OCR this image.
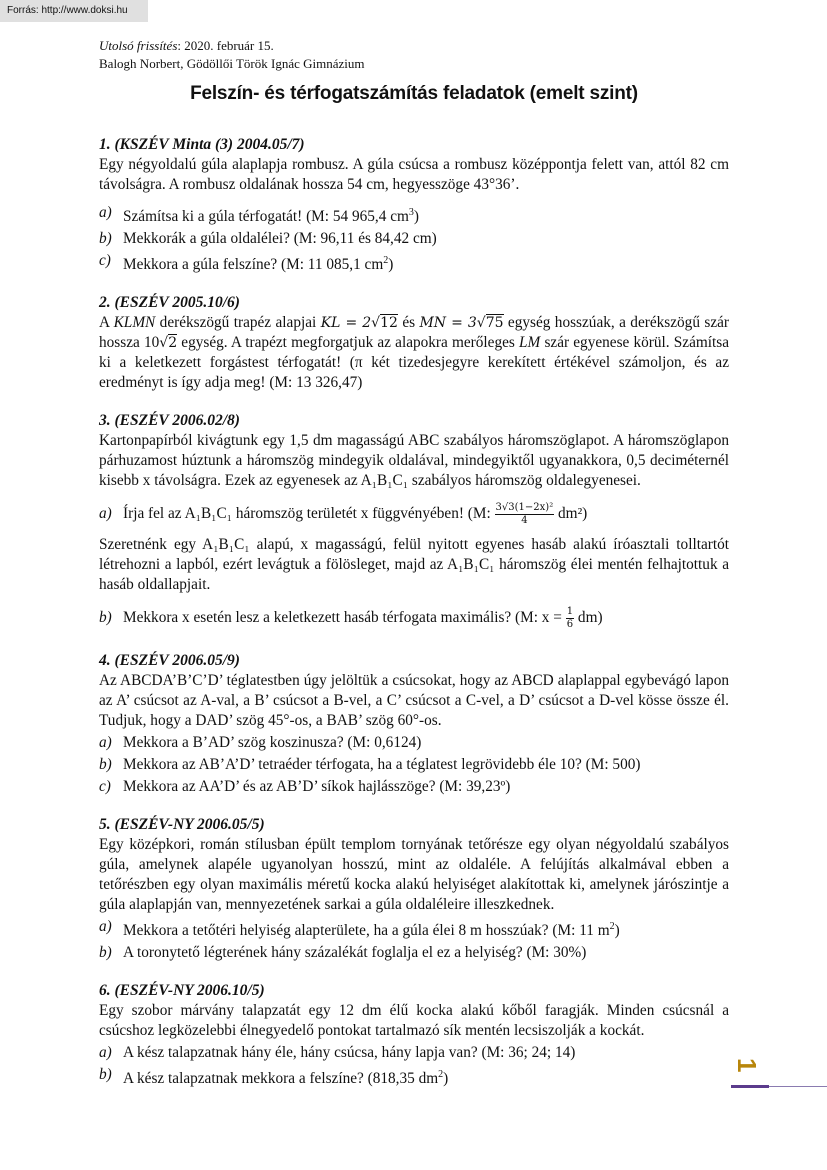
Forrás: http://www.doksi.hu
Utolsó frissítés: 2020. február 15.
Balogh Norbert, Gödöllői Török Ignác Gimnázium
Felszín- és térfogatszámítás feladatok (emelt szint)
1. (KSZÉV Minta (3) 2004.05/7)

Egy négyoldalú gúla alaplapja rombusz. A gúla csúcsa a rombusz középpontja felett van, attól 82 cm távolságra. A rombusz oldalának hossza 54 cm, hegyesszöge 43°36’.

a) Számítsa ki a gúla térfogatát! (M: 54 965,4 $cm^3$)
b) Mekkorák a gúla oldalélei? (M: 96,11 és 84,42 cm)
c) Mekkora a gúla felszíne? (M: 11 085,1 $cm^2$)
2. (ESZÉV 2005.10/6)

A KLMN derékszögű trapéz alapjai KL = 2√12 és MN = 3√75 egység hosszúak, a derékszögű szár hossza 10√2 egység. A trapézt megforgatjuk az alapokra merőleges LM szár egyenese körül. Számítsa ki a keletkezett forgástest térfogatát! (π két tizedesjegyre kerekített értékével számoljon, és az eredményt is így adja meg! (M: 13 326,47)

3. (ESZÉV 2006.02/8)

Kartonpapírból kivágtunk egy 1,5 dm magasságú ABC szabályos háromszöglapot. A háromszöglapon párhuzamost húztunk a háromszög mindegyik oldalával, mindegyiktől ugyanakkora, 0,5 deciméternél kisebb x távolságra. Ezek az egyenesek az A₁B₁C₁ szabályos háromszög oldalegyenesei.

a) Írja fel az A₁B₁C₁ háromszög területét x függvényében! (M: $\frac{\text{3√3(1−2x)²}}{4} dm^2$)

Szeretnénk egy A₁B₁C₁ alapú, x magasságú, felül nyitott egyenes hasáb alakú íróasztali tolltartót létrehozni a lapból, ezért levágtuk a fölösleget, majd az A₁B₁C₁ háromszög élei mentén felhajtottuk a hasáb oldallapjait.

b) Mekkora x esetén lesz a keletkezett hasáb térfogata maximális? (M: $x = \frac{1}{6} dm$)
4. (ESZÉV 2006.05/9)

Az ABCDA’B’C’D’ téglatestben úgy jelöltük a csúcsokat, hogy az ABCD alaplappal egybevágó lapon az A’ csúcsot az A-val, a B’ csúcsot a B-vel, a C’ csúcsot a C-vel, a D’ csúcsot a D-vel kösse össze él. Tudjuk, hogy a DAD’ szög 45°-os, a BAB’ szög 60°-os.

a) Mekkora a B’AD’ szög koszinusza? (M: 0,6124)
b) Mekkora az AB’A’D’ tetraéder térfogata, ha a téglatest legrövidebb éle 10? (M: 500)
c) Mekkora az AA’D’ és az AB’D’ síkok hajlásszöge? (M: 39,23º)
5. (ESZÉV-NY 2006.05/5)

Egy középkori, román stílusban épült templom tornyának tetőrésze egy olyan négyoldalú szabályos gúla, amelynek alapéle ugyanolyan hosszú, mint az oldaléle. A felújítás alkalmával ebben a tetőrészben egy olyan maximális méretű kocka alakú helyiséget alakítottak ki, amelynek járószintje a gúla alaplapján van, mennyezetének sarkai a gúla oldaléleire illeszkednek.

a) Mekkora a tetőtéri helyiség alapterülete, ha a gúla élei 8 m hosszúak? (M: 11 $m^2$)
b) A toronytető légterének hány százalékát foglalja el ez a helyiség? (M: 30%)
6. (ESZÉV-NY 2006.10/5)

Egy szobor márvány talapzatát egy 12 dm élű kocka alakú kőből faragják. Minden csúcsnál a csúcshoz legközelebbi élnegyedelő pontokat tartalmazó sík mentén lecsiszolják a kockát.

a) A kész talapzatnak hány éle, hány csúcsa, hány lapja van? (M: 36; 24; 14)
b) A kész talapzatnak mekkora a felszíne? (818,35 $dm^2$)
1
